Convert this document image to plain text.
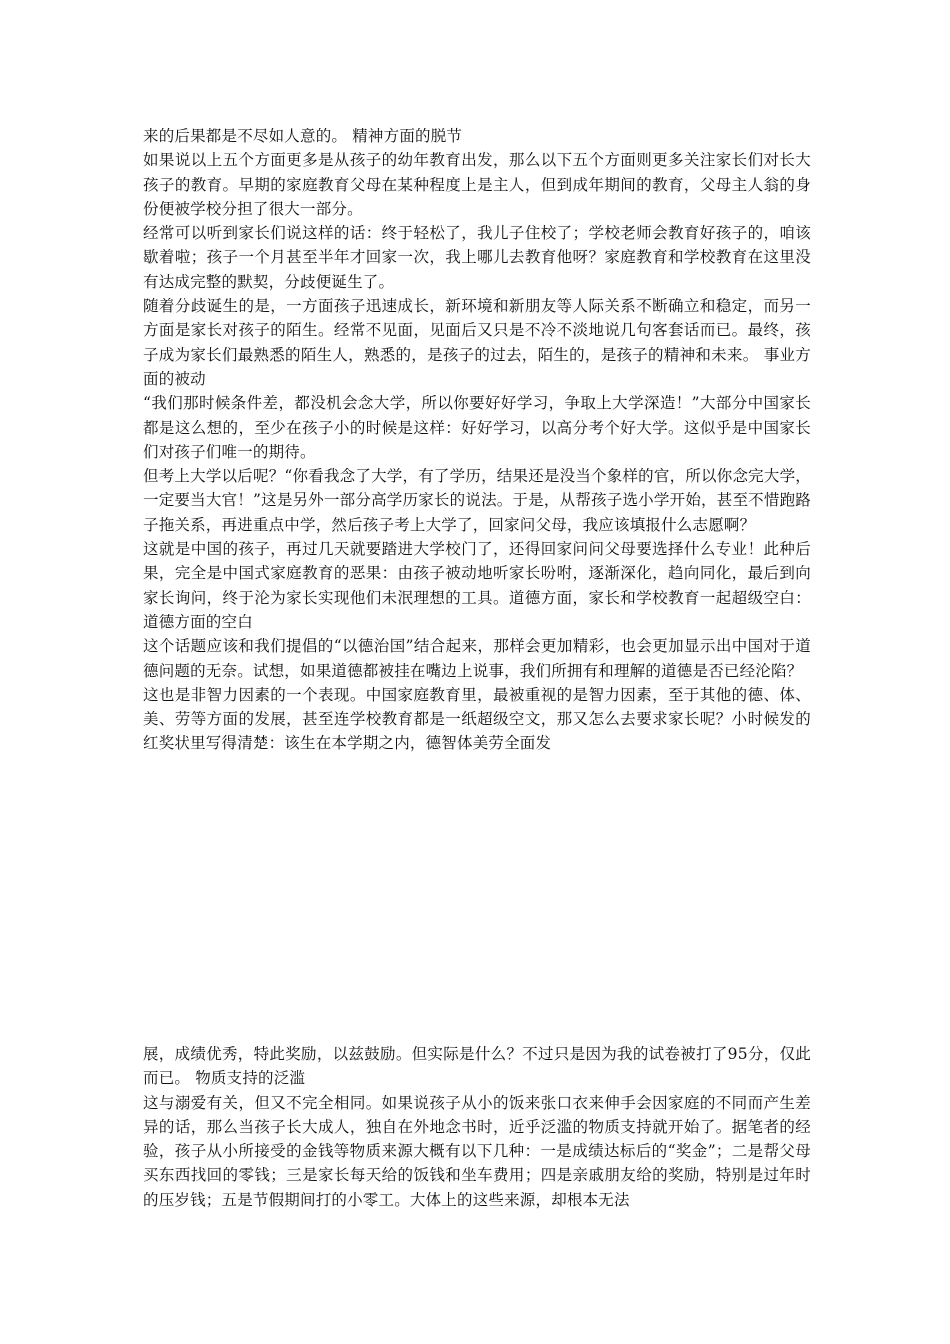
来的后果都是不尽如人意的。 精神方面的脱节

如果说以上五个方面更多是从孩子的幼年教育出发，那么以下五个方面则更多关注家长们对长大孩子的教育。早期的家庭教育父母在某种程度上是主人，但到成年期间的教育，父母主人翁的身份便被学校分担了很大一部分。

经常可以听到家长们说这样的话：终于轻松了，我儿子住校了；学校老师会教育好孩子的，咱该歇着啦；孩子一个月甚至半年才回家一次，我上哪儿去教育他呀？家庭教育和学校教育在这里没有达成完整的默契，分歧便诞生了。

随着分歧诞生的是，一方面孩子迅速成长，新环境和新朋友等人际关系不断确立和稳定，而另一方面是家长对孩子的陌生。经常不见面，见面后又只是不冷不淡地说几句客套话而已。最终，孩子成为家长们最熟悉的陌生人，熟悉的，是孩子的过去，陌生的，是孩子的精神和未来。 事业方面的被动

“我们那时候条件差，都没机会念大学，所以你要好好学习，争取上大学深造！”大部分中国家长都是这么想的，至少在孩子小的时候是这样：好好学习，以高分考个好大学。这似乎是中国家长们对孩子们唯一的期待。

但考上大学以后呢？“你看我念了大学，有了学历，结果还是没当个象样的官，所以你念完大学，一定要当大官！”这是另外一部分高学历家长的说法。于是，从帮孩子选小学开始，甚至不惜跑路子拖关系，再进重点中学，然后孩子考上大学了，回家问父母，我应该填报什么志愿啊？

这就是中国的孩子，再过几天就要踏进大学校门了，还得回家问问父母要选择什么专业！此种后果，完全是中国式家庭教育的恶果：由孩子被动地听家长吩咐，逐渐深化，趋向同化，最后到向家长询问，终于沦为家长实现他们未泯理想的工具。道德方面，家长和学校教育一起超级空白： 道德方面的空白

这个话题应该和我们提倡的“以德治国”结合起来，那样会更加精彩，也会更加显示出中国对于道德问题的无奈。试想，如果道德都被挂在嘴边上说事，我们所拥有和理解的道德是否已经沦陷？

这也是非智力因素的一个表现。中国家庭教育里，最被重视的是智力因素，至于其他的德、体、美、劳等方面的发展，甚至连学校教育都是一纸超级空文，那又怎么去要求家长呢？小时候发的红奖状里写得清楚：该生在本学期之内，德智体美劳全面发

展，成绩优秀，特此奖励，以兹鼓励。但实际是什么？不过只是因为我的试卷被打了95分，仅此而已。 物质支持的泛滥

这与溺爱有关，但又不完全相同。如果说孩子从小的饭来张口衣来伸手会因家庭的不同而产生差异的话，那么当孩子长大成人，独自在外地念书时，近乎泛滥的物质支持就开始了。据笔者的经验，孩子从小所接受的金钱等物质来源大概有以下几种：一是成绩达标后的“奖金”；二是帮父母买东西找回的零钱；三是家长每天给的饭钱和坐车费用；四是亲戚朋友给的奖励，特别是过年时的压岁钱；五是节假期间打的小零工。大体上的这些来源，却根本无法
